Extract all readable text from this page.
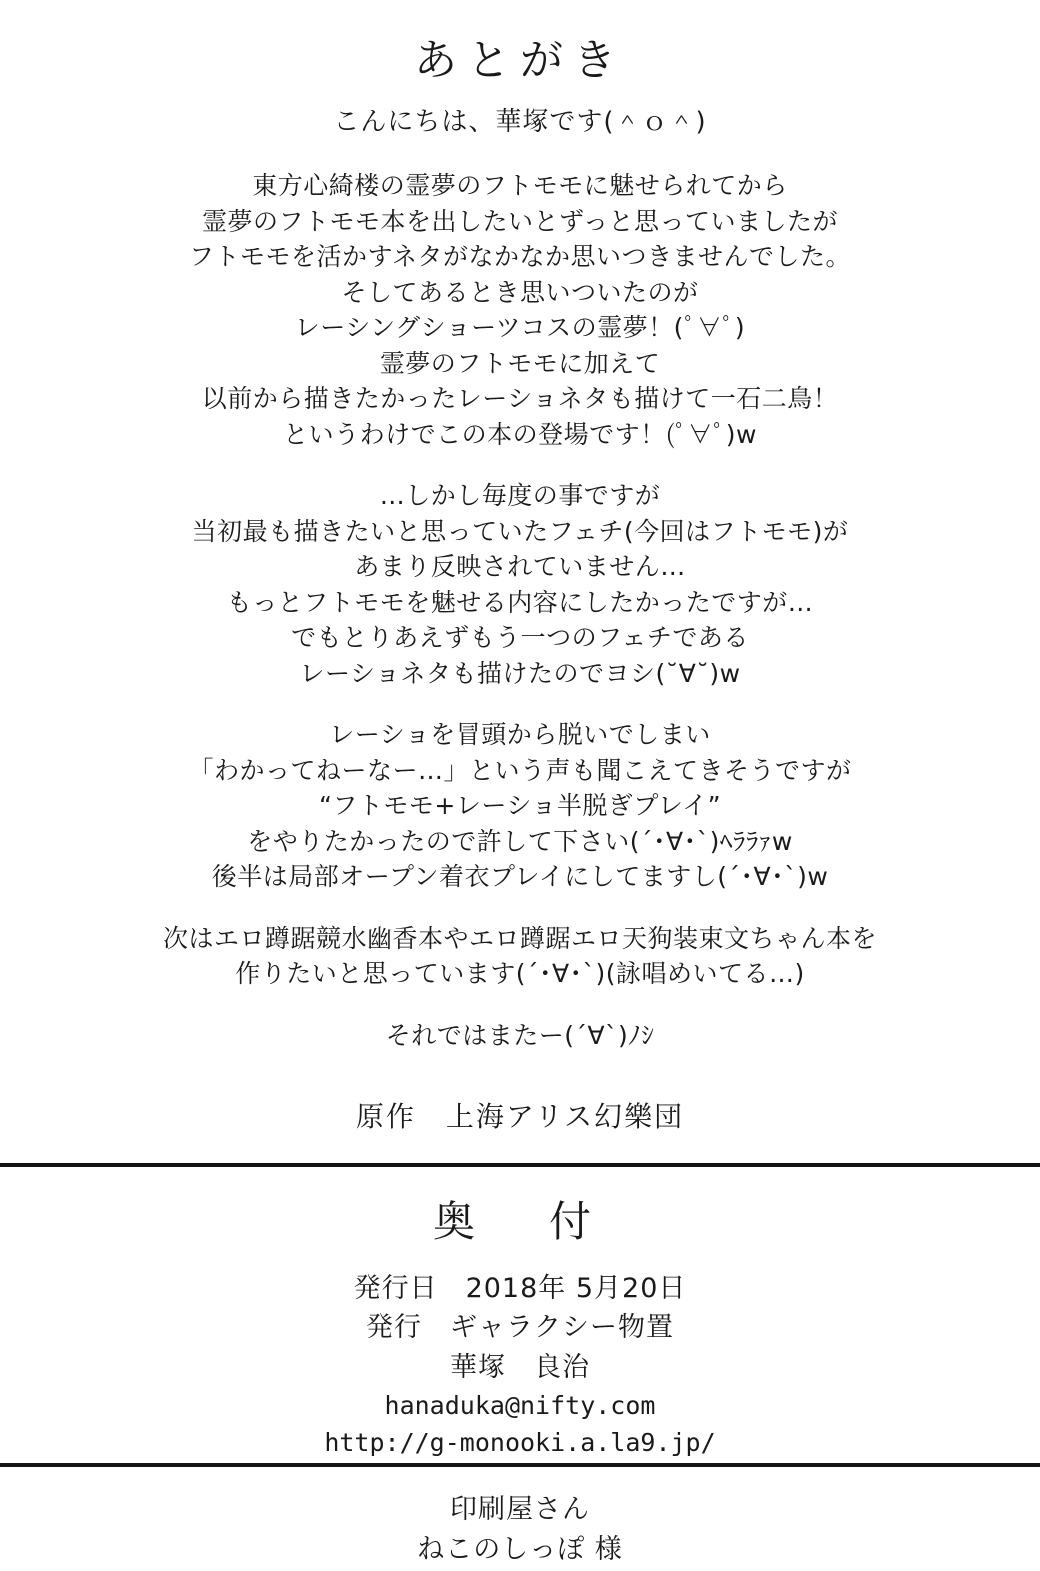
あとがき
こんにちは、華塚です(＾ｏ＾)
東方心綺楼の霊夢のフトモモに魅せられてから
霊夢のフトモモ本を出したいとずっと思っていましたが
フトモモを活かすネタがなかなか思いつきませんでした。
そしてあるとき思いついたのが
レーシングショーツコスの霊夢！(ﾟ∀ﾟ)
霊夢のフトモモに加えて
以前から描きたかったレーショネタも描けて一石二鳥！
というわけでこの本の登場です！(ﾟ∀ﾟ)w
…しかし毎度の事ですが
当初最も描きたいと思っていたフェチ(今回はフトモモ)が
あまり反映されていません…
もっとフトモモを魅せる内容にしたかったですが…
でもとりあえずもう一つのフェチである
レーショネタも描けたのでヨシ(˘∀˘)w
レーショを冒頭から脱いでしまい
「わかってねーなー…」という声も聞こえてきそうですが
“フトモモ+レーショ半脱ぎプレイ”
をやりたかったので許して下さい(´･∀･`)ﾍﾗﾗｧw
後半は局部オープン着衣プレイにしてますし(´･∀･`)w
次はエロ蹲踞競水幽香本やエロ蹲踞エロ天狗装束文ちゃん本を
作りたいと思っています(´･∀･`)(詠唱めいてる…)
それではまたー(´∀`)ﾉｼ
原作　上海アリス幻樂団
奥　付
発行日　2018年 5月20日
発行　ギャラクシー物置
華塚　良治
hanaduka@nifty.com
http://g-monooki.a.la9.jp/
印刷屋さん
ねこのしっぽ 様
